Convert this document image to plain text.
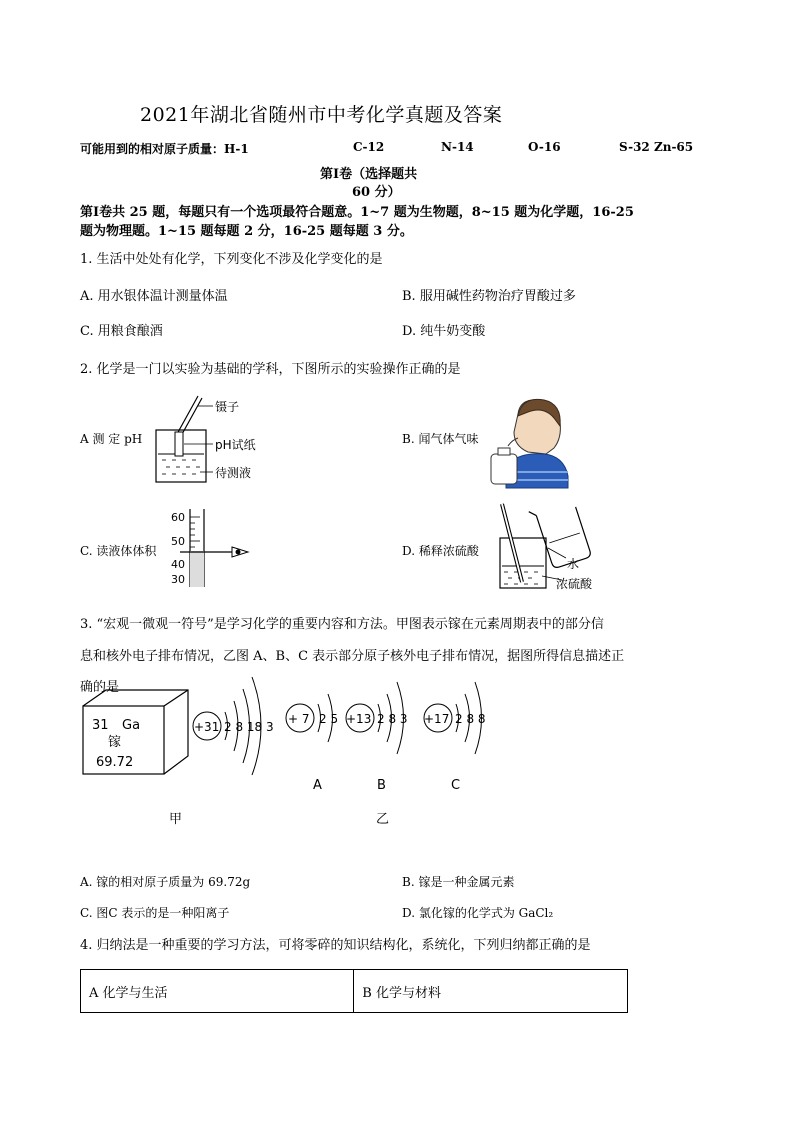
2021年湖北省随州市中考化学真题及答案
可能用到的相对原子质量：H-1	C-12	N-14	O-16	S-32 Zn-65
第Ⅰ卷（选择题共
60 分）
第Ⅰ卷共 25 题，每题只有一个选项最符合题意。1~7 题为生物题，8~15 题为化学题，16-25
题为物理题。1~15 题每题 2 分，16-25 题每题 3 分。
1. 生活中处处有化学，下列变化不涉及化学变化的是
A. 用水银体温计测量体温	B. 服用碱性药物治疗胃酸过多
C. 用粮食酿酒	D. 纯牛奶变酸
2. 化学是一门以实验为基础的学科，下图所示的实验操作正确的是
A 测 定 pH	B. 闻气体气味
C. 读液体体积	D. 稀释浓硫酸
镊子
pH试纸
待测液
60
50
40
30
水
浓硫酸
3. “宏观一微观一符号”是学习化学的重要内容和方法。甲图表示镓在元素周期表中的部分信
息和核外电子排布情况，乙图 A、B、C 表示部分原子核外电子排布情况，据图所得信息描述正
确的是
31 Ga
镓
69.72
+31 2 8 18 3
+ 7 2 5
A
+13 2 8 3
B
+17 2 8 8
C
甲	乙
A. 镓的相对原子质量为 69.72g	B. 镓是一种金属元素
C. 图C 表示的是一种阳离子	D. 氯化镓的化学式为 GaCl₂
4. 归纳法是一种重要的学习方法，可将零碎的知识结构化，系统化，下列归纳都正确的是
A 化学与生活	B 化学与材料
